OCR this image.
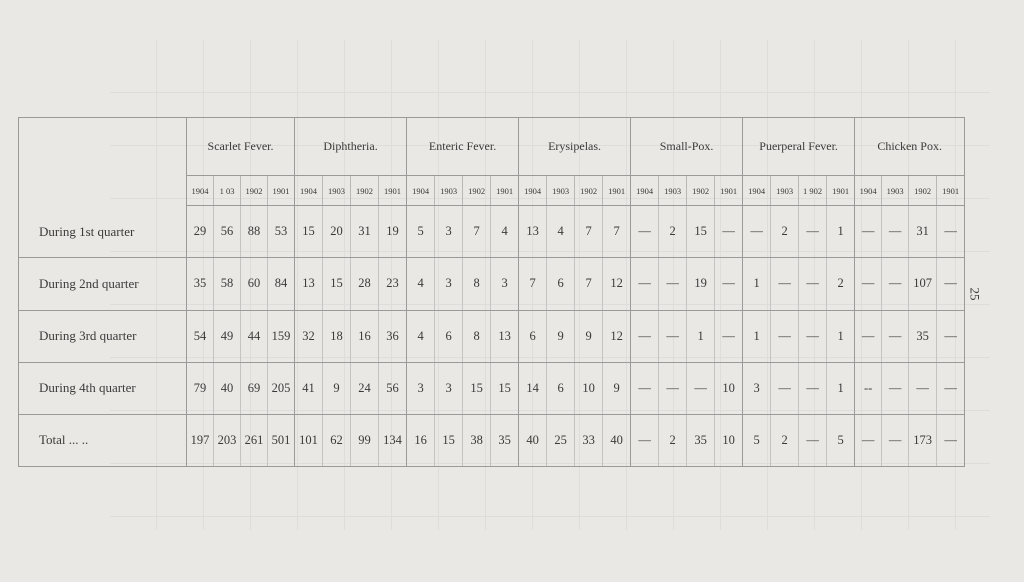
	Scarlet Fever.				Diphtheria.				Enteric Fever.				Erysipelas.				Small-Pox.				Puerperal Fever.				Chicken Pox.			
	1904	1 03	1902	1901	1904	1903	1902	1901	1904	1903	1902	1901	1904	1903	1902	1901	1904	1903	1902	1901	1904	1903	1 902	1901	1904	1903	1902	1901
During 1st quarter	29	56	88	53	15	20	31	19	5	3	7	4	13	4	7	7	—	2	15	—	—	2	—	1	—	—	31	—
During 2nd quarter	35	58	60	84	13	15	28	23	4	3	8	3	7	6	7	12	—	—	19	—	1	—	—	2	—	—	107	—
During 3rd quarter	54	49	44	159	32	18	16	36	4	6	8	13	6	9	9	12	—	—	1	—	1	—	—	1	—	—	35	—
During 4th quarter	79	40	69	205	41	9	24	56	3	3	15	15	14	6	10	9	—	—	—	10	3	—	—	1	--	—	—	—
Total ... ..	197	203	261	501	101	62	99	134	16	15	38	35	40	25	33	40	—	2	35	10	5	2	—	5	—	—	173	—
25
